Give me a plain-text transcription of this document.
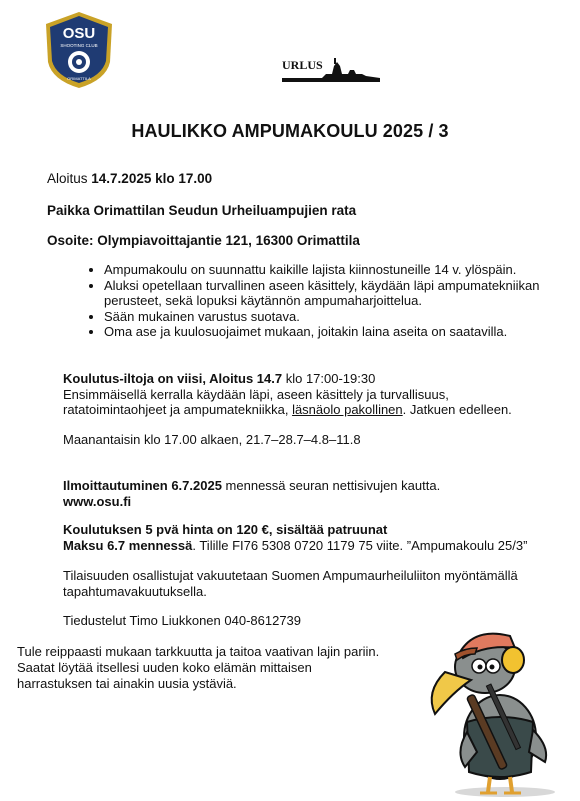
OSU
SHOOTING CLUB
ORIMATTILA
URLUS
HAULIKKO AMPUMAKOULU 2025 / 3
Aloitus 14.7.2025 klo 17.00
Paikka Orimattilan Seudun Urheiluampujien rata
Osoite: Olympiavoittajantie 121, 16300 Orimattila
• Ampumakoulu on suunnattu kaikille lajista kiinnostuneille 14 v. ylöspäin.
• Aluksi opetellaan turvallinen aseen käsittely, käydään läpi ampumatekniikan perusteet, sekä lopuksi käytännön ampumaharjoittelua.
• Sään mukainen varustus suotava.
• Oma ase ja kuulosuojaimet mukaan, joitakin laina aseita on saatavilla.
Koulutus-iltoja on viisi, Aloitus 14.7 klo 17:00-19:30
Ensimmäisellä kerralla käydään läpi, aseen käsittely ja turvallisuus,
ratatoimintaohjeet ja ampumatekniikka, läsnäolo pakollinen. Jatkuen edelleen.
Maanantaisin klo 17.00 alkaen, 21.7–28.7–4.8–11.8
Ilmoittautuminen 6.7.2025 mennessä seuran nettisivujen kautta.
www.osu.fi
Koulutuksen 5 pvä hinta on 120 €, sisältää patruunat
Maksu 6.7 mennessä. Tilille FI76 5308 0720 1179 75 viite. ”Ampumakoulu 25/3”
Tilaisuuden osallistujat vakuutetaan Suomen Ampumaurheiluliiton myöntämällä
tapahtumavakuutuksella.
Tiedustelut Timo Liukkonen 040-8612739
Tule reippaasti mukaan tarkkuutta ja taitoa vaativan lajin pariin.
Saatat löytää itsellesi uuden koko elämän mittaisen
harrastuksen tai ainakin uusia ystäviä.
